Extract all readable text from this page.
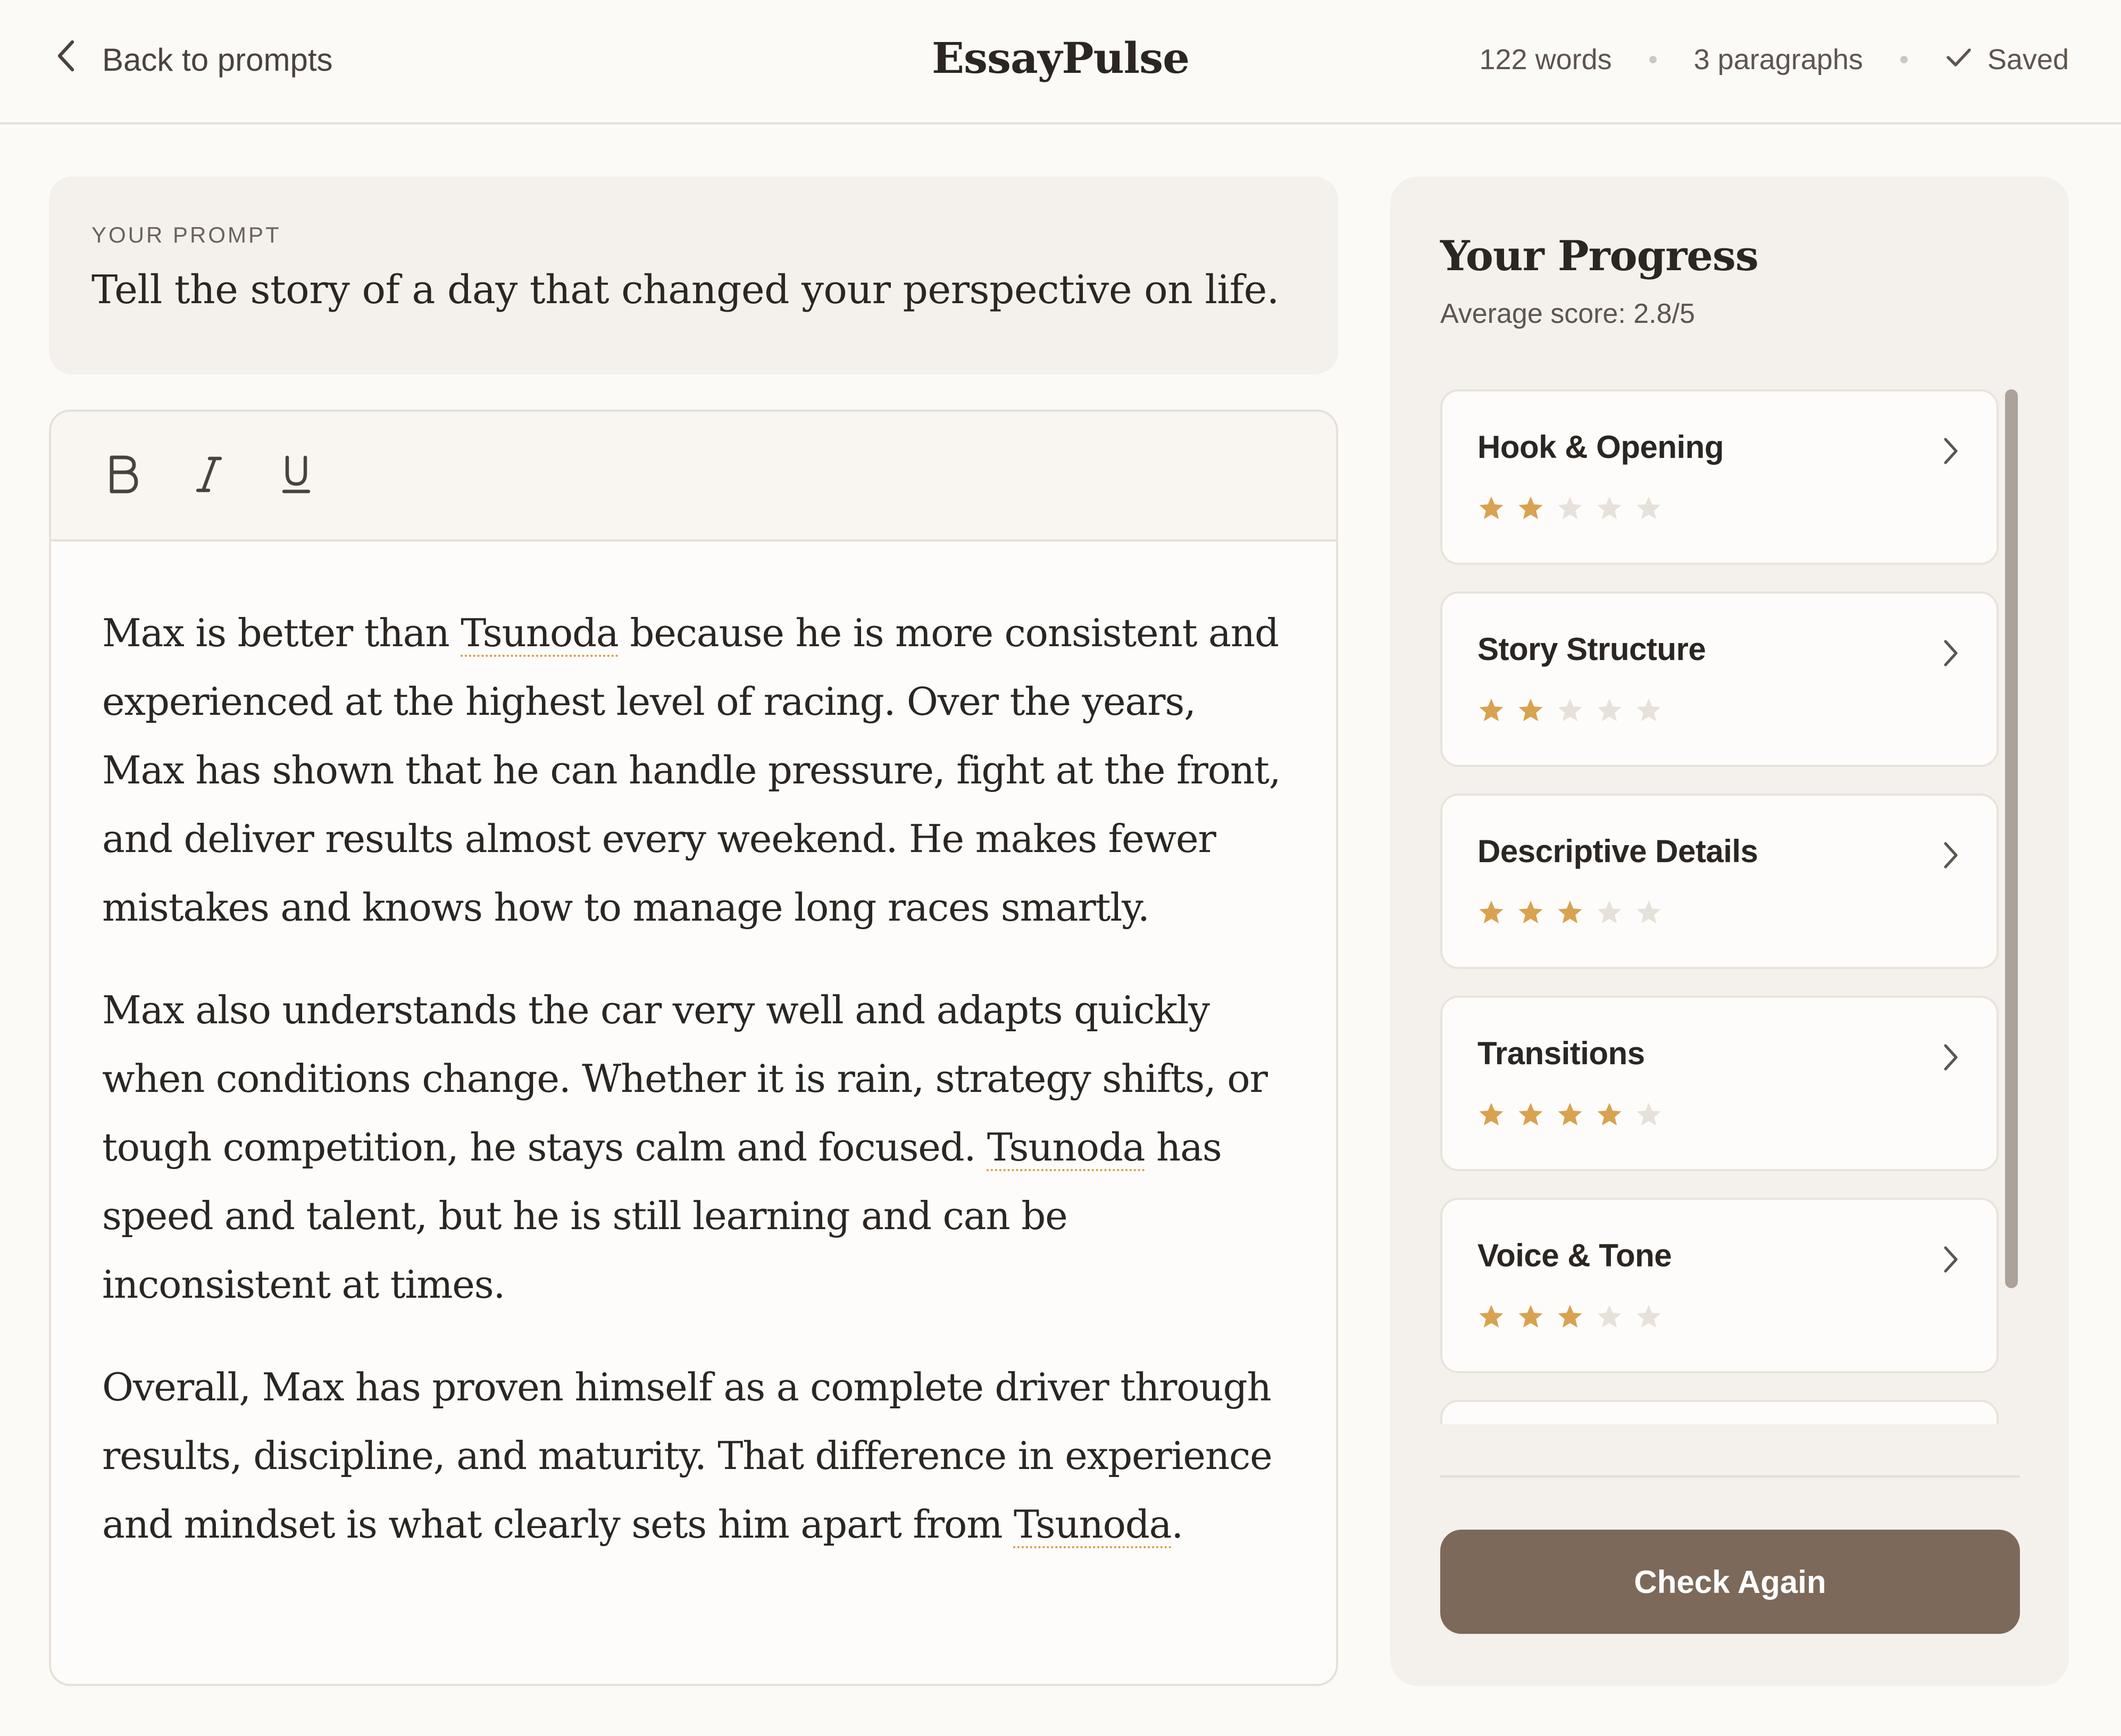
Back to prompts	EssayPulse	122 words	3 paragraphs	Saved
YOUR PROMPT
Tell the story of a day that changed your perspective on life.

Max is better than Tsunoda because he is more consistent and experienced at the highest level of racing. Over the years, Max has shown that he can handle pressure, fight at the front, and deliver results almost every weekend. He makes fewer mistakes and knows how to manage long races smartly.

Max also understands the car very well and adapts quickly when conditions change. Whether it is rain, strategy shifts, or tough competition, he stays calm and focused. Tsunoda has speed and talent, but he is still learning and can be inconsistent at times.

Overall, Max has proven himself as a complete driver through results, discipline, and maturity. That difference in experience and mindset is what clearly sets him apart from Tsunoda.

Your Progress
Average score: 2.8/5
Hook & Opening
Story Structure
Descriptive Details
Transitions
Voice & Tone
Check Again
